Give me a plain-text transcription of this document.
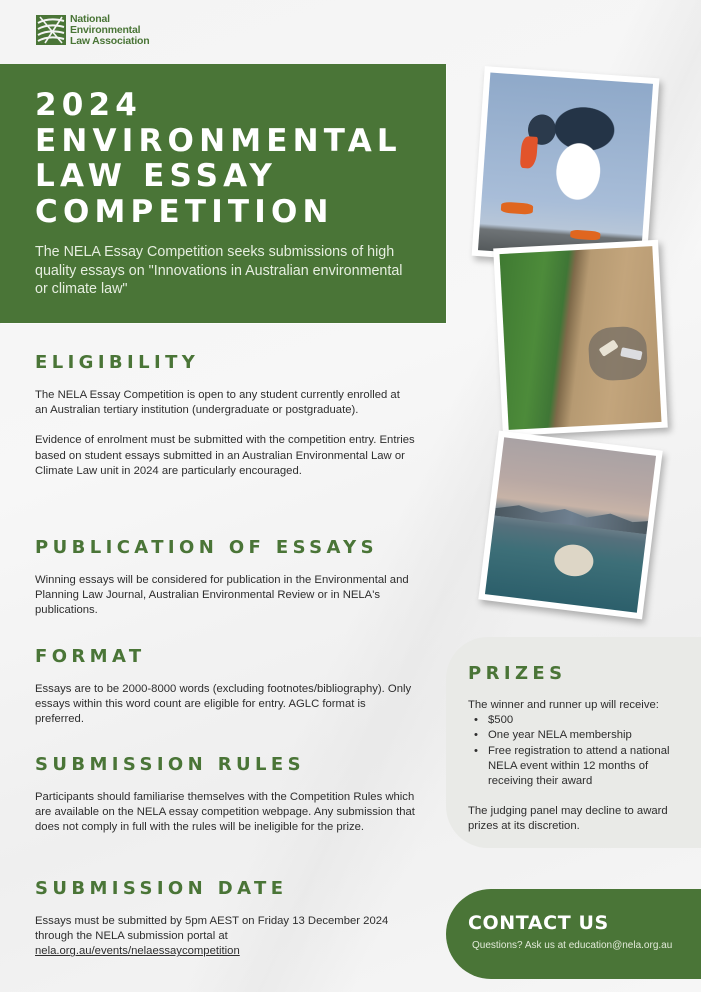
National
Environmental
Law Association
2024
ENVIRONMENTAL
LAW ESSAY
COMPETITION

The NELA Essay Competition seeks submissions of high quality essays on "Innovations in Australian environmental or climate law"

ELIGIBILITY

The NELA Essay Competition is open to any student currently enrolled at an Australian tertiary institution (undergraduate or postgraduate).

Evidence of enrolment must be submitted with the competition entry. Entries based on student essays submitted in an Australian Environmental Law or Climate Law unit in 2024 are particularly encouraged.

PUBLICATION OF ESSAYS

Winning essays will be considered for publication in the Environmental and Planning Law Journal, Australian Environmental Review or in NELA's publications.

FORMAT

Essays are to be 2000-8000 words (excluding footnotes/bibliography). Only essays within this word count are eligible for entry. AGLC format is preferred.

SUBMISSION RULES

Participants should familiarise themselves with the Competition Rules which are available on the NELA essay competition webpage. Any submission that does not comply in full with the rules will be ineligible for the prize.

SUBMISSION DATE

Essays must be submitted by 5pm AEST on Friday 13 December 2024 through the NELA submission portal at
nela.org.au/events/nelaessaycompetition

PRIZES

The winner and runner up will receive:

• $500
• One year NELA membership
• Free registration to attend a national NELA event within 12 months of receiving their award

The judging panel may decline to award prizes at its discretion.

CONTACT US
Questions? Ask us at education@nela.org.au
